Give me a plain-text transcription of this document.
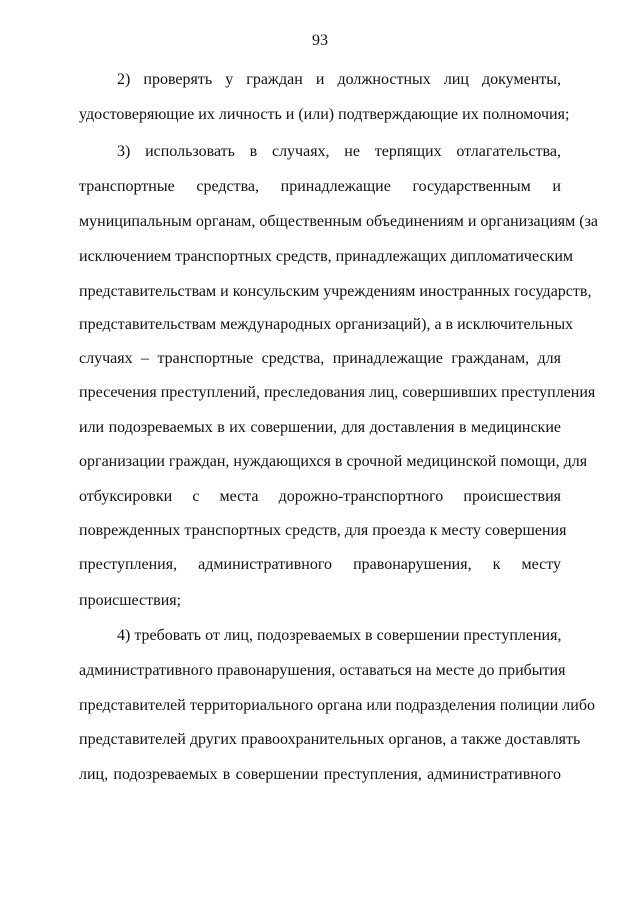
93
2) проверять у граждан и должностных лиц документы,
удостоверяющие их личность и (или) подтверждающие их полномочия;
3) использовать в случаях, не терпящих отлагательства,
транспортные средства, принадлежащие государственным и
муниципальным органам, общественным объединениям и организациям (за
исключением транспортных средств, принадлежащих дипломатическим
представительствам и консульским учреждениям иностранных государств,
представительствам международных организаций), а в исключительных
случаях – транспортные средства, принадлежащие гражданам, для
пресечения преступлений, преследования лиц, совершивших преступления
или подозреваемых в их совершении, для доставления в медицинские
организации граждан, нуждающихся в срочной медицинской помощи, для
отбуксировки с места дорожно-транспортного происшествия
поврежденных транспортных средств, для проезда к месту совершения
преступления, административного правонарушения, к месту
происшествия;
4) требовать от лиц, подозреваемых в совершении преступления,
административного правонарушения, оставаться на месте до прибытия
представителей территориального органа или подразделения полиции либо
представителей других правоохранительных органов, а также доставлять
лиц, подозреваемых в совершении преступления, административного
